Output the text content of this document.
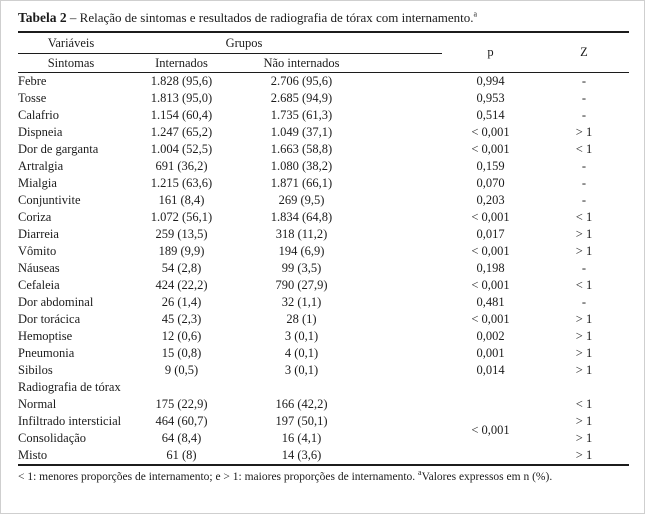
Tabela 2 – Relação de sintomas e resultados de radiografia de tórax com internamento.$^a$
Variáveis	Grupos			p	Z
Sintomas	Internados	Não internados			
Febre	1.828 (95,6)	2.706 (95,6)		0,994	-
Tosse	1.813 (95,0)	2.685 (94,9)		0,953	-
Calafrio	1.154 (60,4)	1.735 (61,3)		0,514	-
Dispneia	1.247 (65,2)	1.049 (37,1)		< 0,001	> 1
Dor de garganta	1.004 (52,5)	1.663 (58,8)		< 0,001	< 1
Artralgia	691 (36,2)	1.080 (38,2)		0,159	-
Mialgia	1.215 (63,6)	1.871 (66,1)		0,070	-
Conjuntivite	161 (8,4)	269 (9,5)		0,203	-
Coriza	1.072 (56,1)	1.834 (64,8)		< 0,001	< 1
Diarreia	259 (13,5)	318 (11,2)		0,017	> 1
Vômito	189 (9,9)	194 (6,9)		< 0,001	> 1
Náuseas	54 (2,8)	99 (3,5)		0,198	-
Cefaleia	424 (22,2)	790 (27,9)		< 0,001	< 1
Dor abdominal	26 (1,4)	32 (1,1)		0,481	-
Dor torácica	45 (2,3)	28 (1)		< 0,001	> 1
Hemoptise	12 (0,6)	3 (0,1)		0,002	> 1
Pneumonia	15 (0,8)	4 (0,1)		0,001	> 1
Sibilos	9 (0,5)	3 (0,1)		0,014	> 1
Radiografia de tórax					
Normal	175 (22,9)	166 (42,2)		< 0,001	< 1
Infiltrado intersticial	464 (60,7)	197 (50,1)			> 1
Consolidação	64 (8,4)	16 (4,1)			> 1
Misto	61 (8)	14 (3,6)			> 1
< 1: menores proporções de internamento; e > 1: maiores proporções de internamento. $^a$Valores expressos em n (%).
